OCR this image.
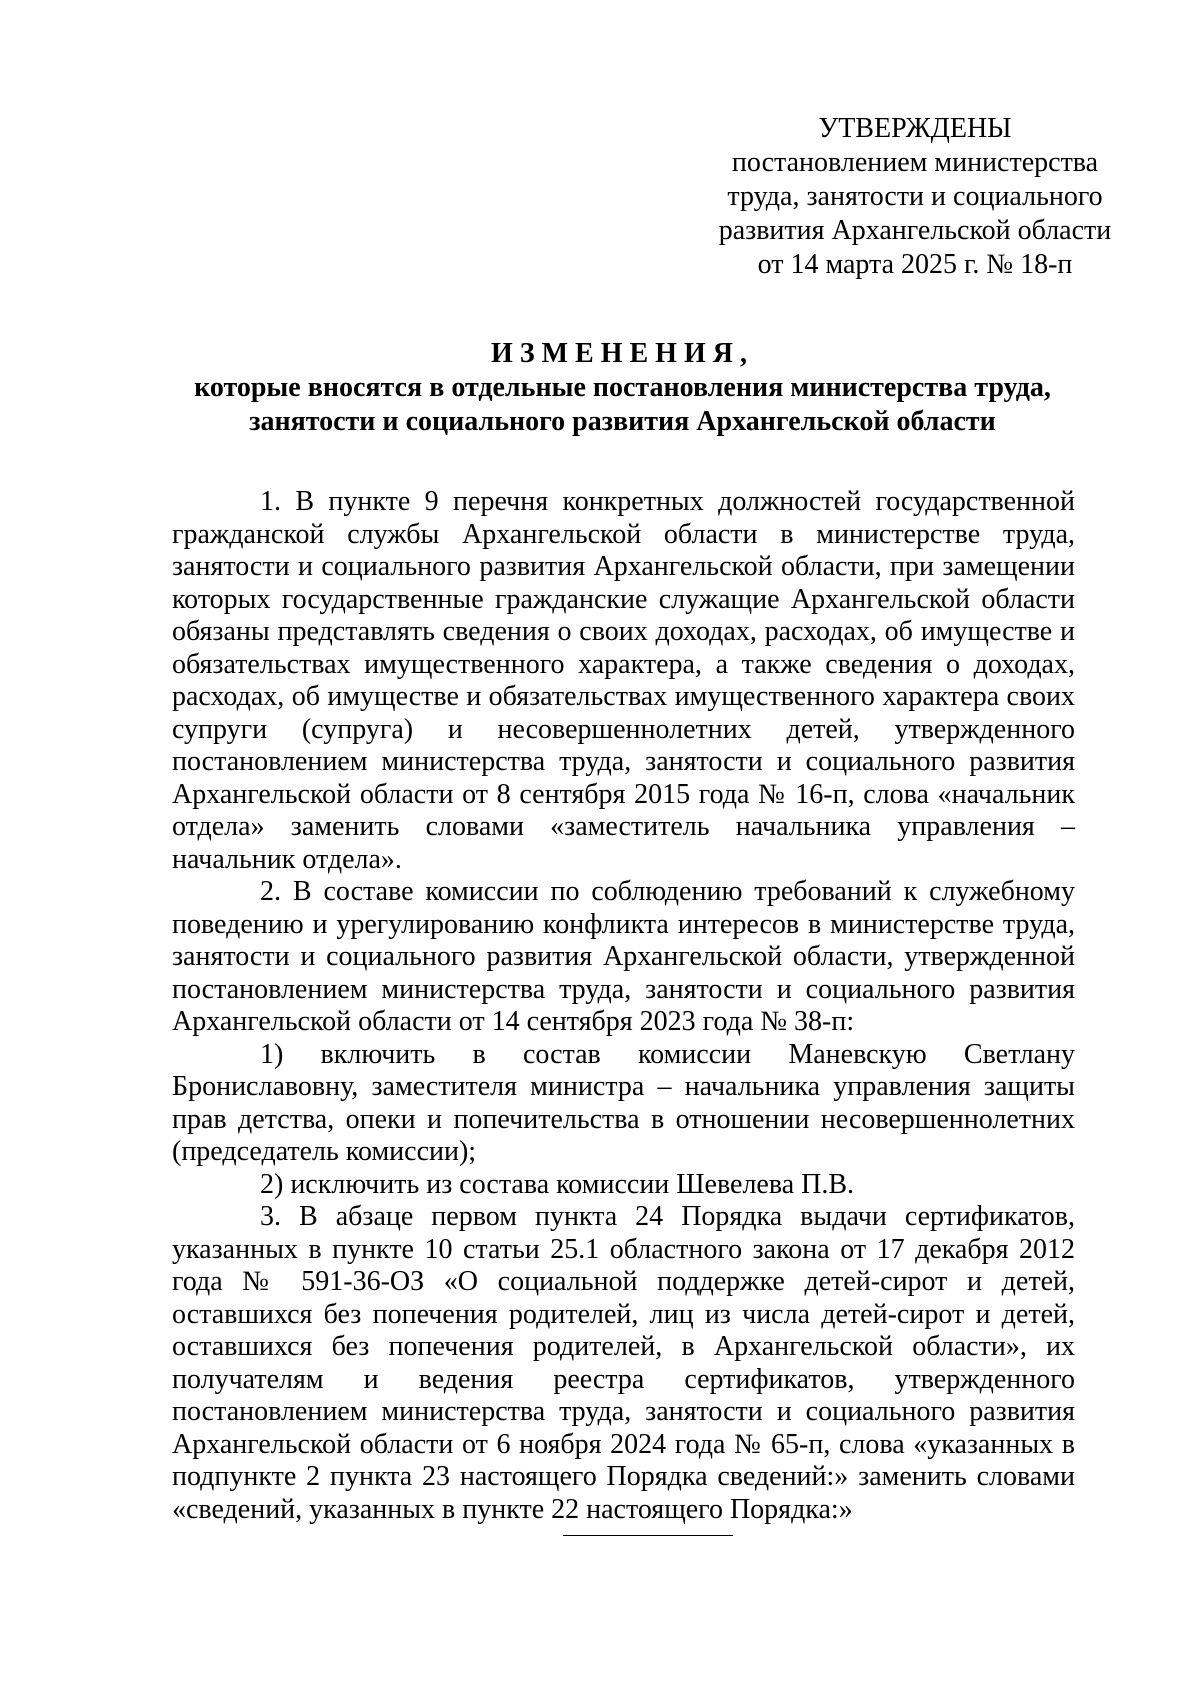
УТВЕРЖДЕНЫ
постановлением министерства
труда, занятости и социального
развития Архангельской области
от 14 марта 2025 г. № 18-п
ИЗМЕНЕНИЯ,
которые вносятся в отдельные постановления министерства труда,
занятости и социального развития Архангельской области

1. В пункте 9 перечня конкретных должностей государственной гражданской службы Архангельской области в министерстве труда, занятости и социального развития Архангельской области, при замещении которых государственные гражданские служащие Архангельской области обязаны представлять сведения о своих доходах, расходах, об имуществе и обязательствах имущественного характера, а также сведения о доходах, расходах, об имуществе и обязательствах имущественного характера своих супруги (супруга) и несовершеннолетних детей, утвержденного постановлением министерства труда, занятости и социального развития Архангельской области от 8 сентября 2015 года № 16-п, слова «начальник отдела» заменить словами «заместитель начальника управления – начальник отдела».

2. В составе комиссии по соблюдению требований к служебному поведению и урегулированию конфликта интересов в министерстве труда, занятости и социального развития Архангельской области, утвержденной постановлением министерства труда, занятости и социального развития Архангельской области от 14 сентября 2023 года № 38-п:

1) включить в состав комиссии Маневскую Светлану Брониславовну, заместителя министра – начальника управления защиты прав детства, опеки и попечительства в отношении несовершеннолетних (председатель комиссии);

2) исключить из состава комиссии Шевелева П.В.

3. В абзаце первом пункта 24 Порядка выдачи сертификатов, указанных в пункте 10 статьи 25.1 областного закона от 17 декабря 2012 года № 591-36-ОЗ «О социальной поддержке детей-сирот и детей, оставшихся без попечения родителей, лиц из числа детей-сирот и детей, оставшихся без попечения родителей, в Архангельской области», их получателям и ведения реестра сертификатов, утвержденного постановлением министерства труда, занятости и социального развития Архангельской области от 6 ноября 2024 года № 65-п, слова «указанных в подпункте 2 пункта 23 настоящего Порядка сведений:» заменить словами «сведений, указанных в пункте 22 настоящего Порядка:»
